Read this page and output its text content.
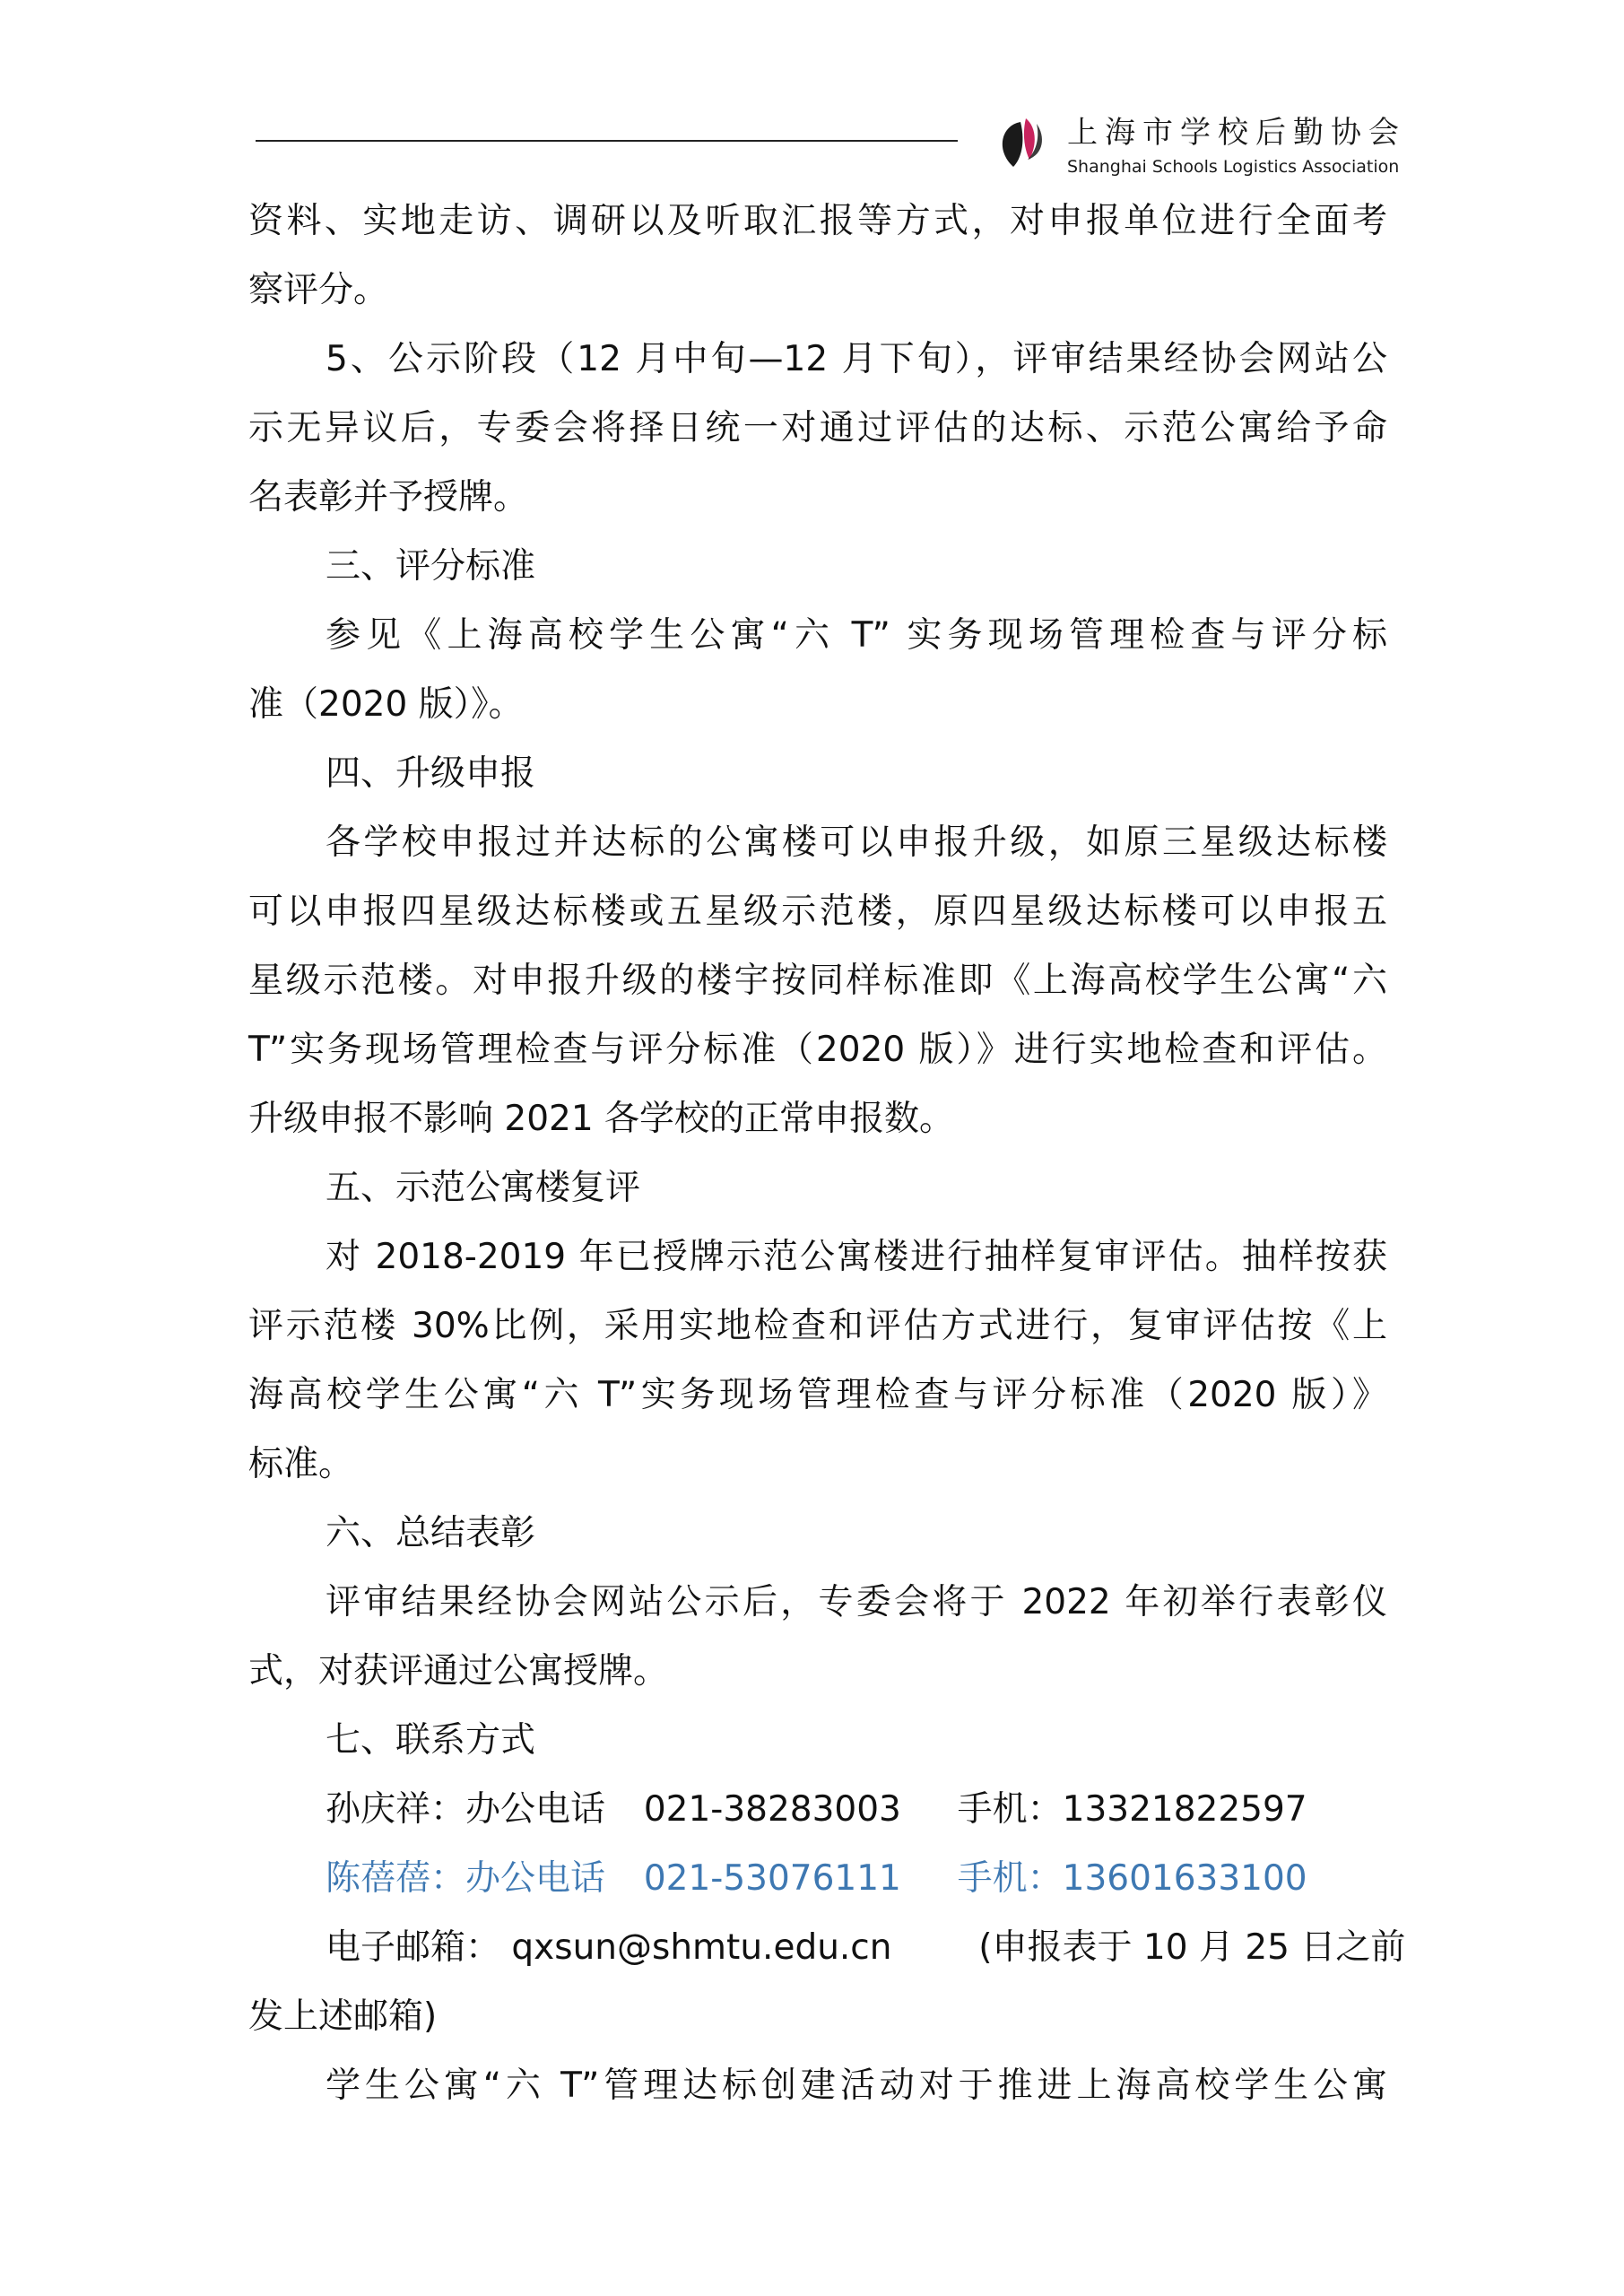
上海市学校后勤协会
Shanghai Schools Logistics Association
资料、实地走访、调研以及听取汇报等方式，对申报单位进行全面考
察评分。
5、公示阶段（12 月中旬—12 月下旬），评审结果经协会网站公
示无异议后，专委会将择日统一对通过评估的达标、示范公寓给予命
名表彰并予授牌。
三、评分标准
参见《上海高校学生公寓“六 T” 实务现场管理检查与评分标
准（2020 版）》。
四、升级申报
各学校申报过并达标的公寓楼可以申报升级，如原三星级达标楼
可以申报四星级达标楼或五星级示范楼，原四星级达标楼可以申报五
星级示范楼。对申报升级的楼宇按同样标准即《上海高校学生公寓“六
T”实务现场管理检查与评分标准（2020 版）》进行实地检查和评估。
升级申报不影响 2021 各学校的正常申报数。
五、示范公寓楼复评
对 2018-2019 年已授牌示范公寓楼进行抽样复审评估。抽样按获
评示范楼 30%比例，采用实地检查和评估方式进行，复审评估按《上
海高校学生公寓“六 T”实务现场管理检查与评分标准（2020 版）》
标准。
六、总结表彰
评审结果经协会网站公示后，专委会将于 2022 年初举行表彰仪
式，对获评通过公寓授牌。
七、联系方式
孙庆祥：办公电话 021-38283003 手机：13321822597
陈蓓蓓：办公电话 021-53076111 手机：13601633100
电子邮箱： qxsun@shmtu.edu.cn (申报表于 10 月 25 日之前
发上述邮箱)
学生公寓“六 T”管理达标创建活动对于推进上海高校学生公寓
